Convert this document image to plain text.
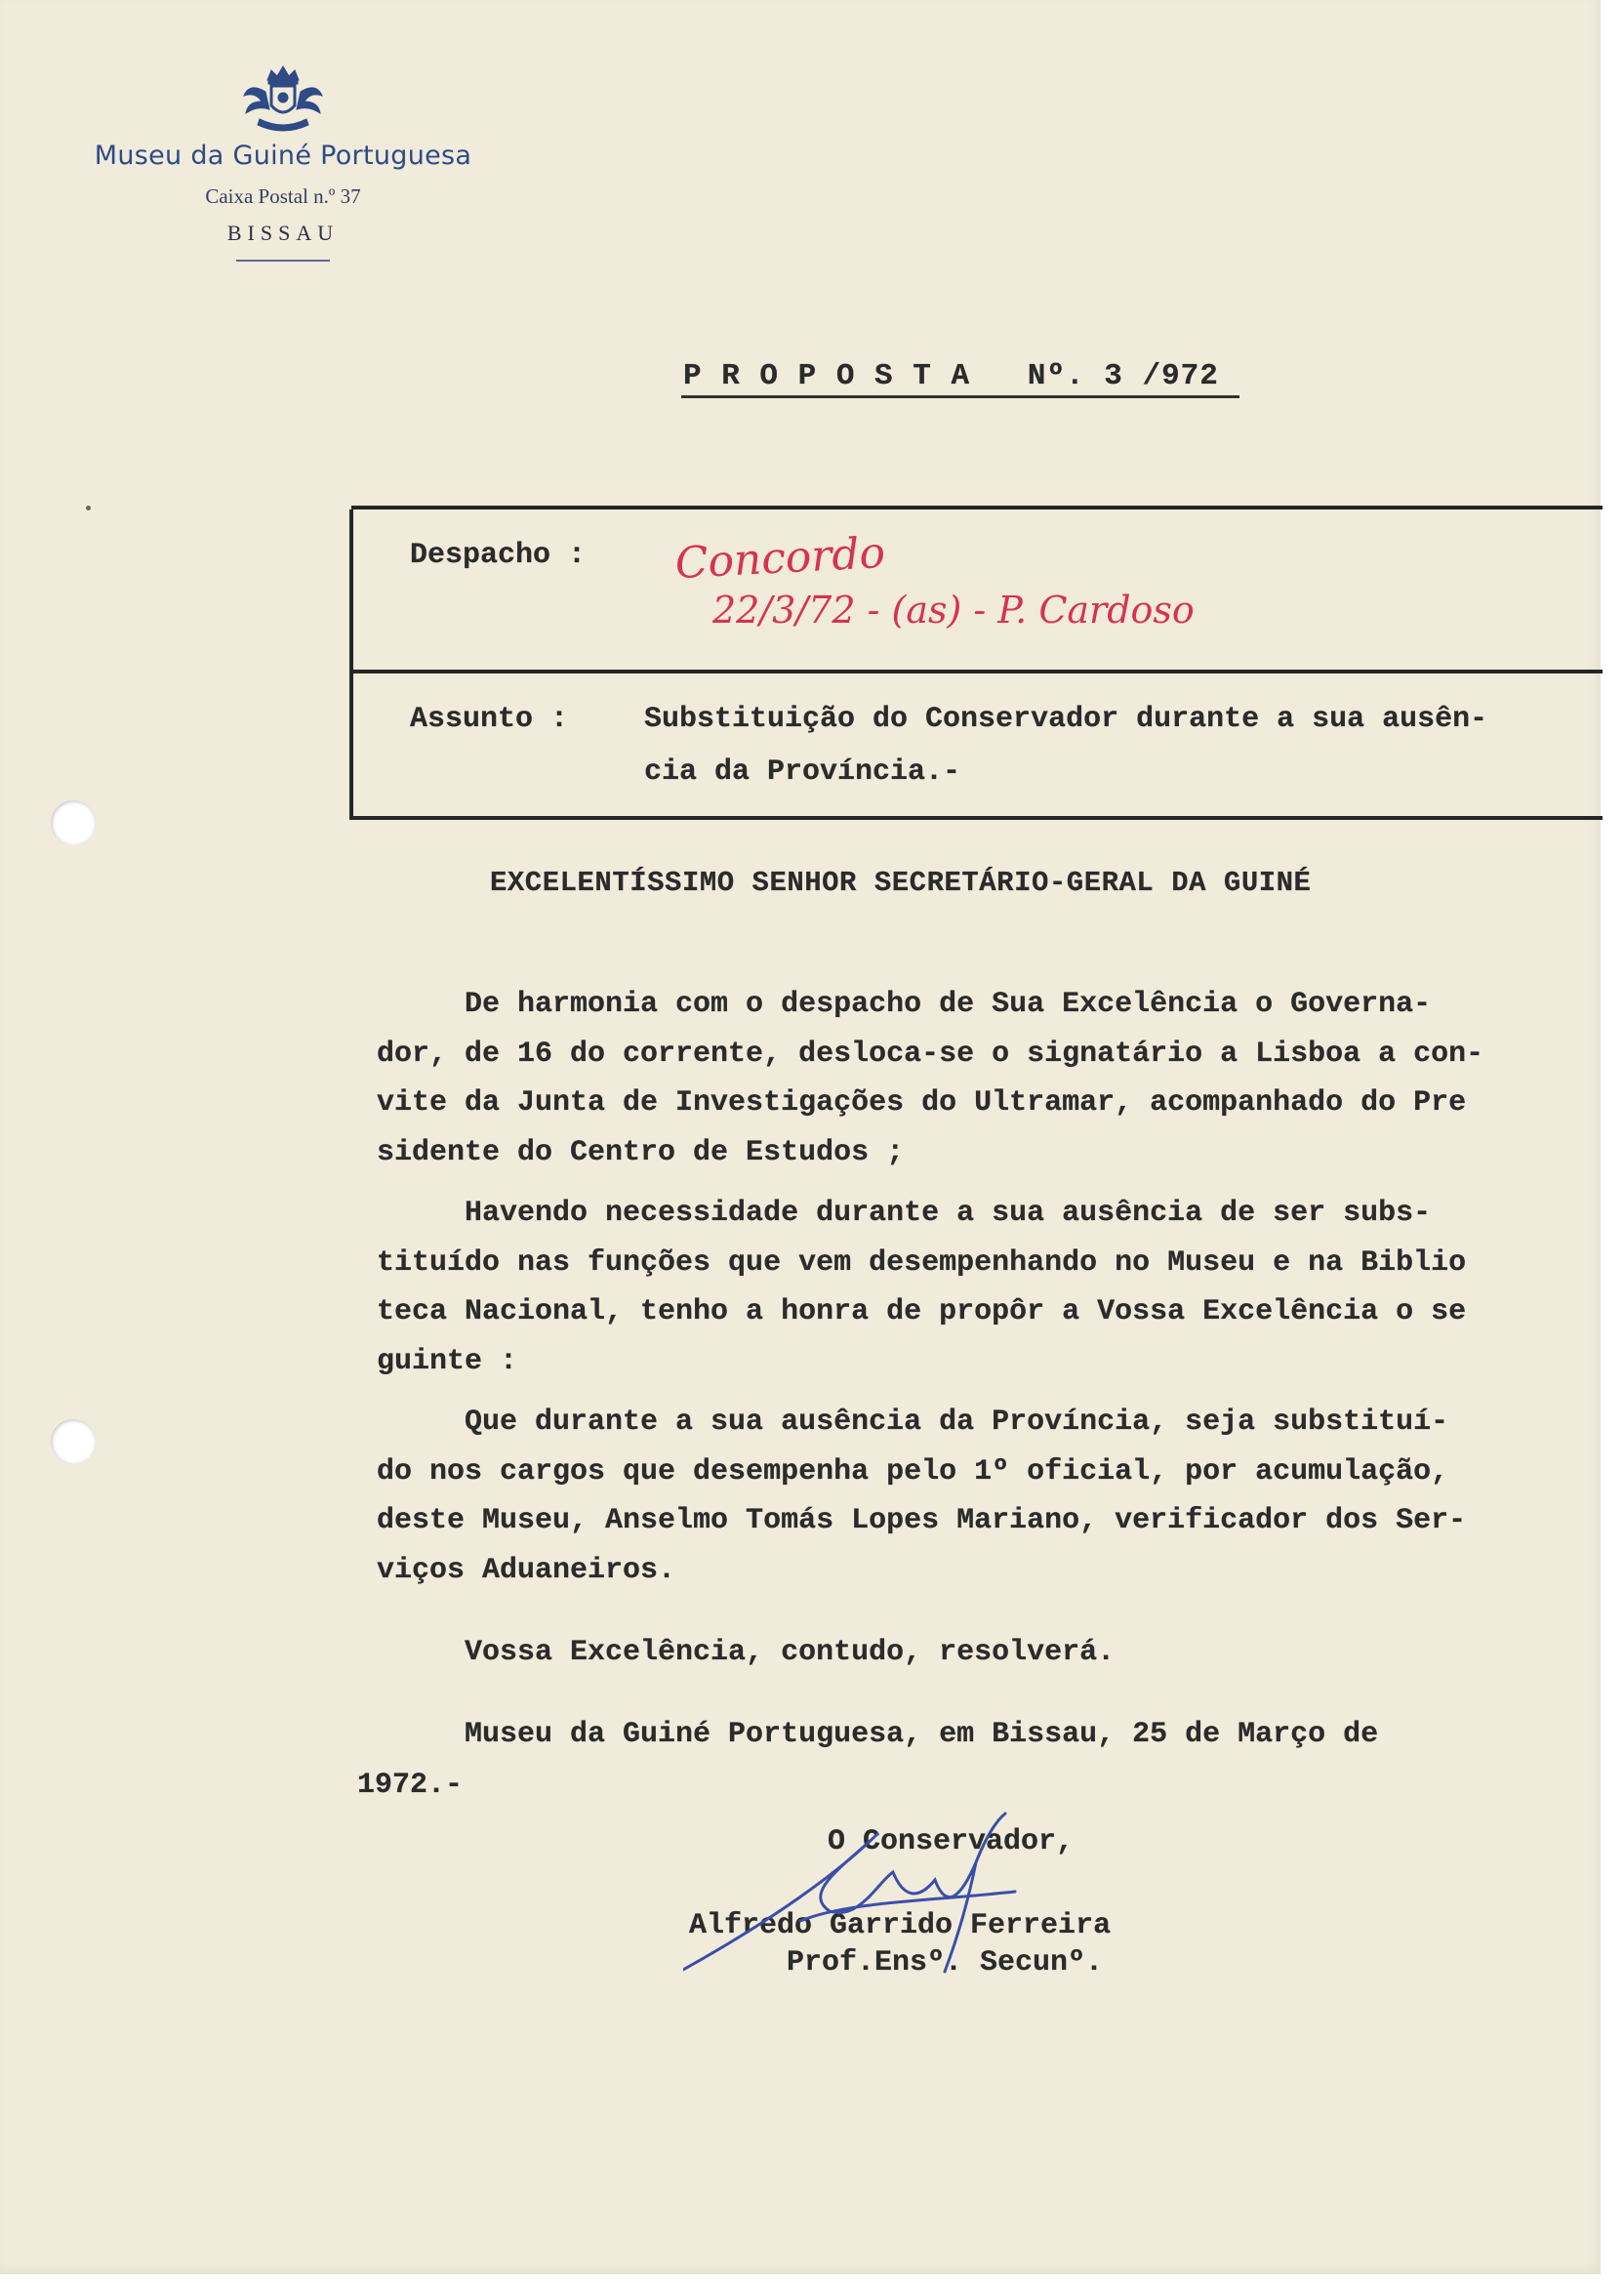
Museu da Guiné Portuguesa
Caixa Postal n.º 37
BISSAU
P R O P O S T A   Nº. 3 /972
Despacho : Concordo
22/3/72 - (as) - P. Cardoso
Assunto :	Substituição do Conservador durante a sua ausên-
cia da Província.-
EXCELENTÍSSIMO SENHOR SECRETÁRIO-GERAL DA GUINÉ
De harmonia com o despacho de Sua Excelência o Governa-
dor, de 16 do corrente, desloca-se o signatário a Lisboa a con-
vite da Junta de Investigações do Ultramar, acompanhado do Pre
sidente do Centro de Estudos ;
Havendo necessidade durante a sua ausência de ser subs-
tituído nas funções que vem desempenhando no Museu e na Biblio
teca Nacional, tenho a honra de propôr a Vossa Excelência o se
guinte :
Que durante a sua ausência da Província, seja substituí-
do nos cargos que desempenha pelo 1º oficial, por acumulação,
deste Museu, Anselmo Tomás Lopes Mariano, verificador dos Ser-
viços Aduaneiros.
Vossa Excelência, contudo, resolverá.
Museu da Guiné Portuguesa, em Bissau, 25 de Março de
1972.-
O Conservador,
Alfredo Garrido Ferreira
Prof.Ensº. Secunº.
